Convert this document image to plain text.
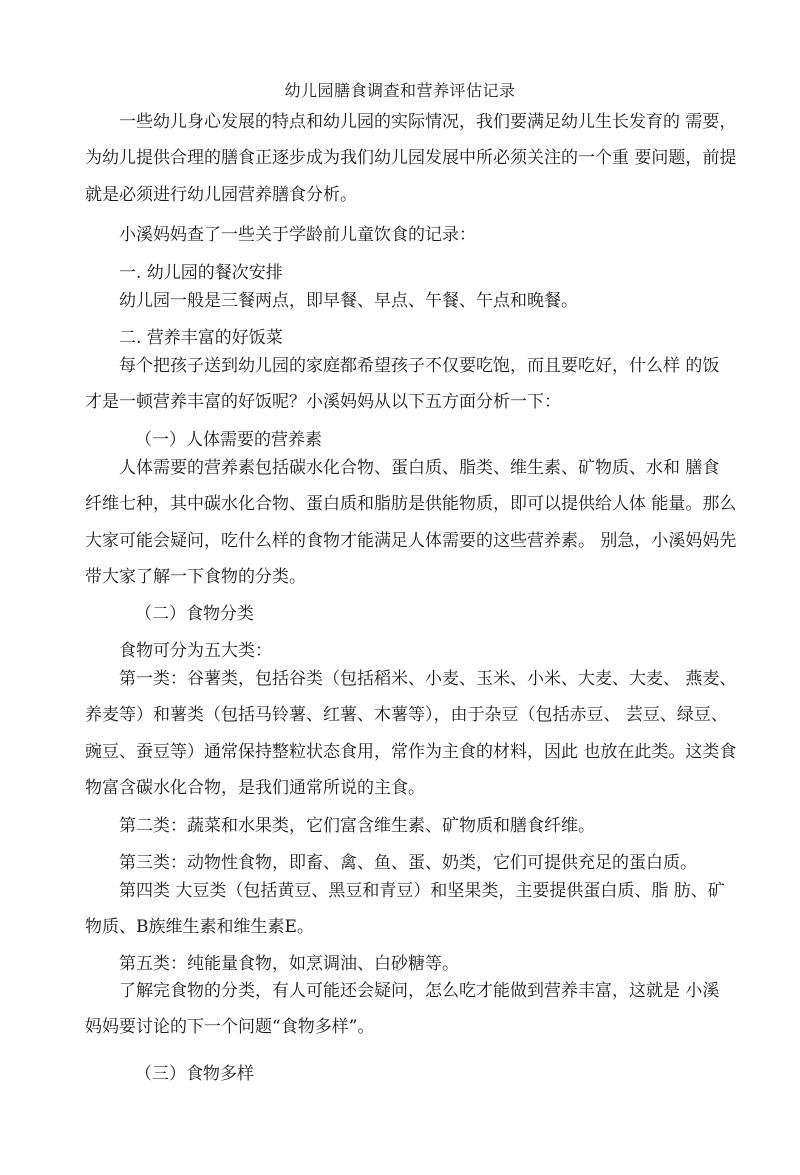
幼儿园膳食调查和营养评估记录
一些幼儿身心发展的特点和幼儿园的实际情况，我们要满足幼儿生长发育的 需要，
为幼儿提供合理的膳食正逐步成为我们幼儿园发展中所必须关注的一个重 要问题，前提
就是必须进行幼儿园营养膳食分析。
小溪妈妈查了一些关于学龄前儿童饮食的记录：
一. 幼儿园的餐次安排
幼儿园一般是三餐两点，即早餐、早点、午餐、午点和晚餐。
二. 营养丰富的好饭菜
每个把孩子送到幼儿园的家庭都希望孩子不仅要吃饱，而且要吃好，什么样 的饭
才是一顿营养丰富的好饭呢？小溪妈妈从以下五方面分析一下：
（一）人体需要的营养素
人体需要的营养素包括碳水化合物、蛋白质、脂类、维生素、矿物质、水和 膳食
纤维七种，其中碳水化合物、蛋白质和脂肪是供能物质，即可以提供给人体 能量。那么
大家可能会疑问，吃什么样的食物才能满足人体需要的这些营养素。 别急，小溪妈妈先
带大家了解一下食物的分类。
（二）食物分类
食物可分为五大类：
第一类：谷薯类，包括谷类（包括稻米、小麦、玉米、小米、大麦、大麦、 燕麦、
养麦等）和薯类（包括马铃薯、红薯、木薯等），由于杂豆（包括赤豆、 芸豆、绿豆、
豌豆、蚕豆等）通常保持整粒状态食用，常作为主食的材料，因此 也放在此类。这类食
物富含碳水化合物，是我们通常所说的主食。
第二类：蔬菜和水果类，它们富含维生素、矿物质和膳食纤维。
第三类：动物性食物，即畜、禽、鱼、蛋、奶类，它们可提供充足的蛋白质。
第四类 大豆类（包括黄豆、黑豆和青豆）和坚果类，主要提供蛋白质、脂 肪、矿
物质、B族维生素和维生素E。
第五类：纯能量食物，如烹调油、白砂糖等。
了解完食物的分类，有人可能还会疑问，怎么吃才能做到营养丰富，这就是 小溪
妈妈要讨论的下一个问题“食物多样”。
（三）食物多样
